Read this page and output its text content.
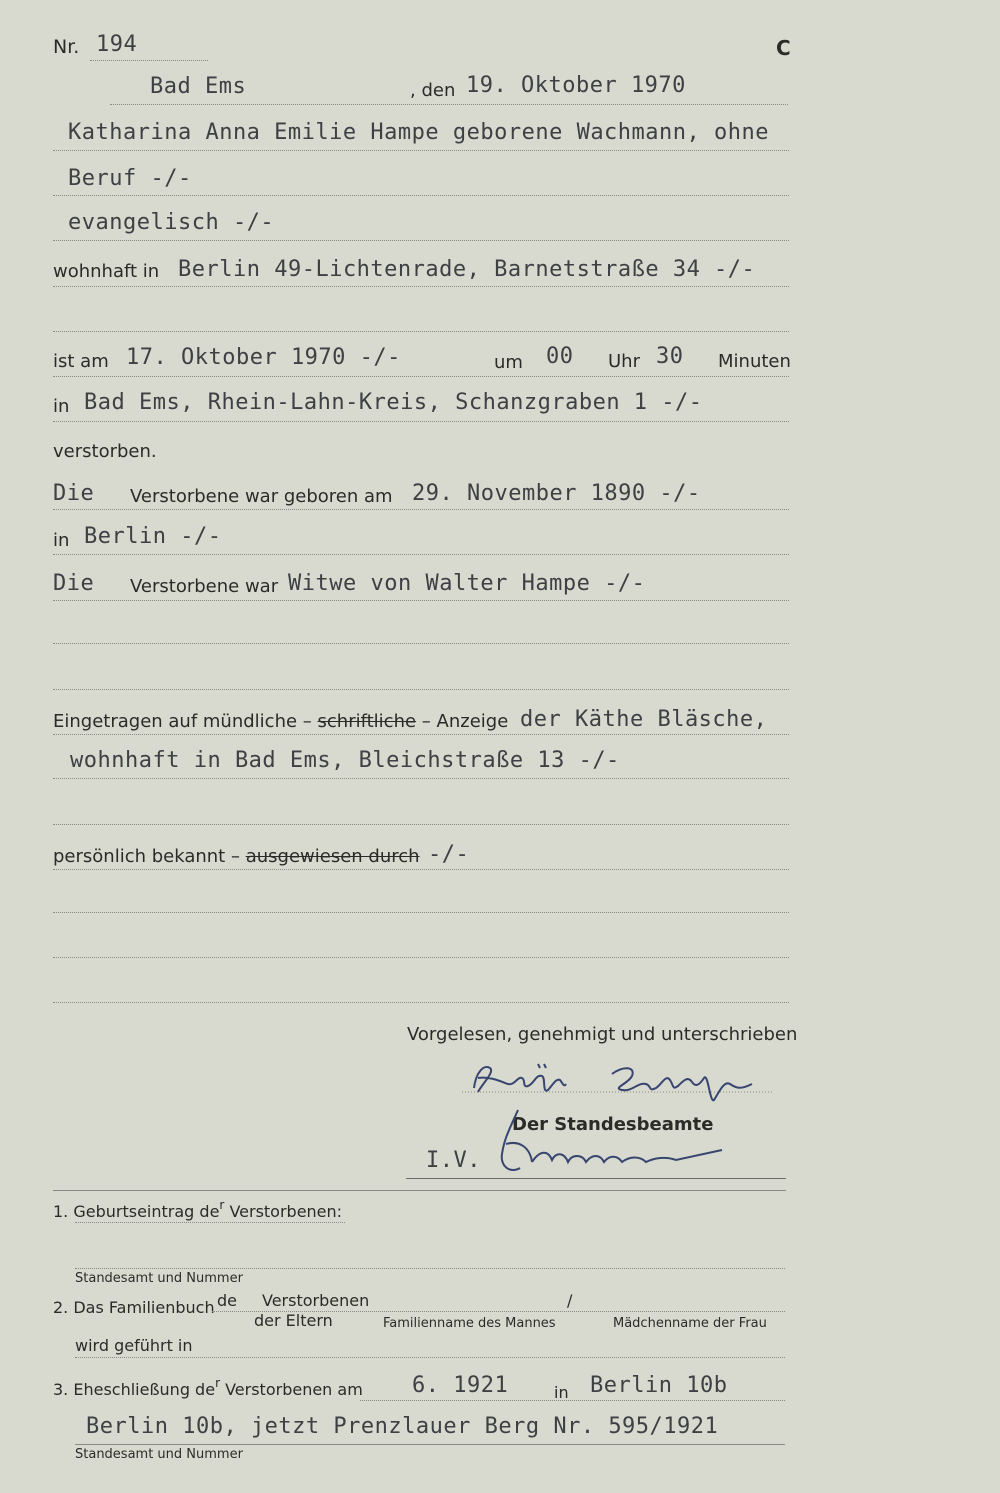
Nr. 194	C
Bad Ems	, den 19. Oktober 1970
Katharina Anna Emilie Hampe geborene Wachmann, ohne
Beruf -/-
evangelisch -/-
wohnhaft in Berlin 49-Lichtenrade, Barnetstraße 34 -/-
ist am 17. Oktober 1970 -/-	um 00 Uhr 30 Minuten
in Bad Ems, Rhein-Lahn-Kreis, Schanzgraben 1 -/-
verstorben.
Die Verstorbene war geboren am 29. November 1890 -/-
in Berlin -/-
Die Verstorbene war Witwe von Walter Hampe -/-
Eingetragen auf mündliche – schriftliche – Anzeige der Käthe Bläsche,
wohnhaft in Bad Ems, Bleichstraße 13 -/-
persönlich bekannt – ausgewiesen durch -/-
Vorgelesen, genehmigt und unterschrieben
Der Standesbeamte
I.V.
1. Geburtseintrag $de^r$ Verstorbenen:
Standesamt und Nummer
2. Das Familienbuch de Verstorbenen	/
der Eltern	Familienname des Mannes	Mädchenname der Frau
wird geführt in
3. Eheschließung $de^r$ Verstorbenen am 6. 1921	in Berlin 10b
Berlin 10b, jetzt Prenzlauer Berg Nr. 595/1921
Standesamt und Nummer
